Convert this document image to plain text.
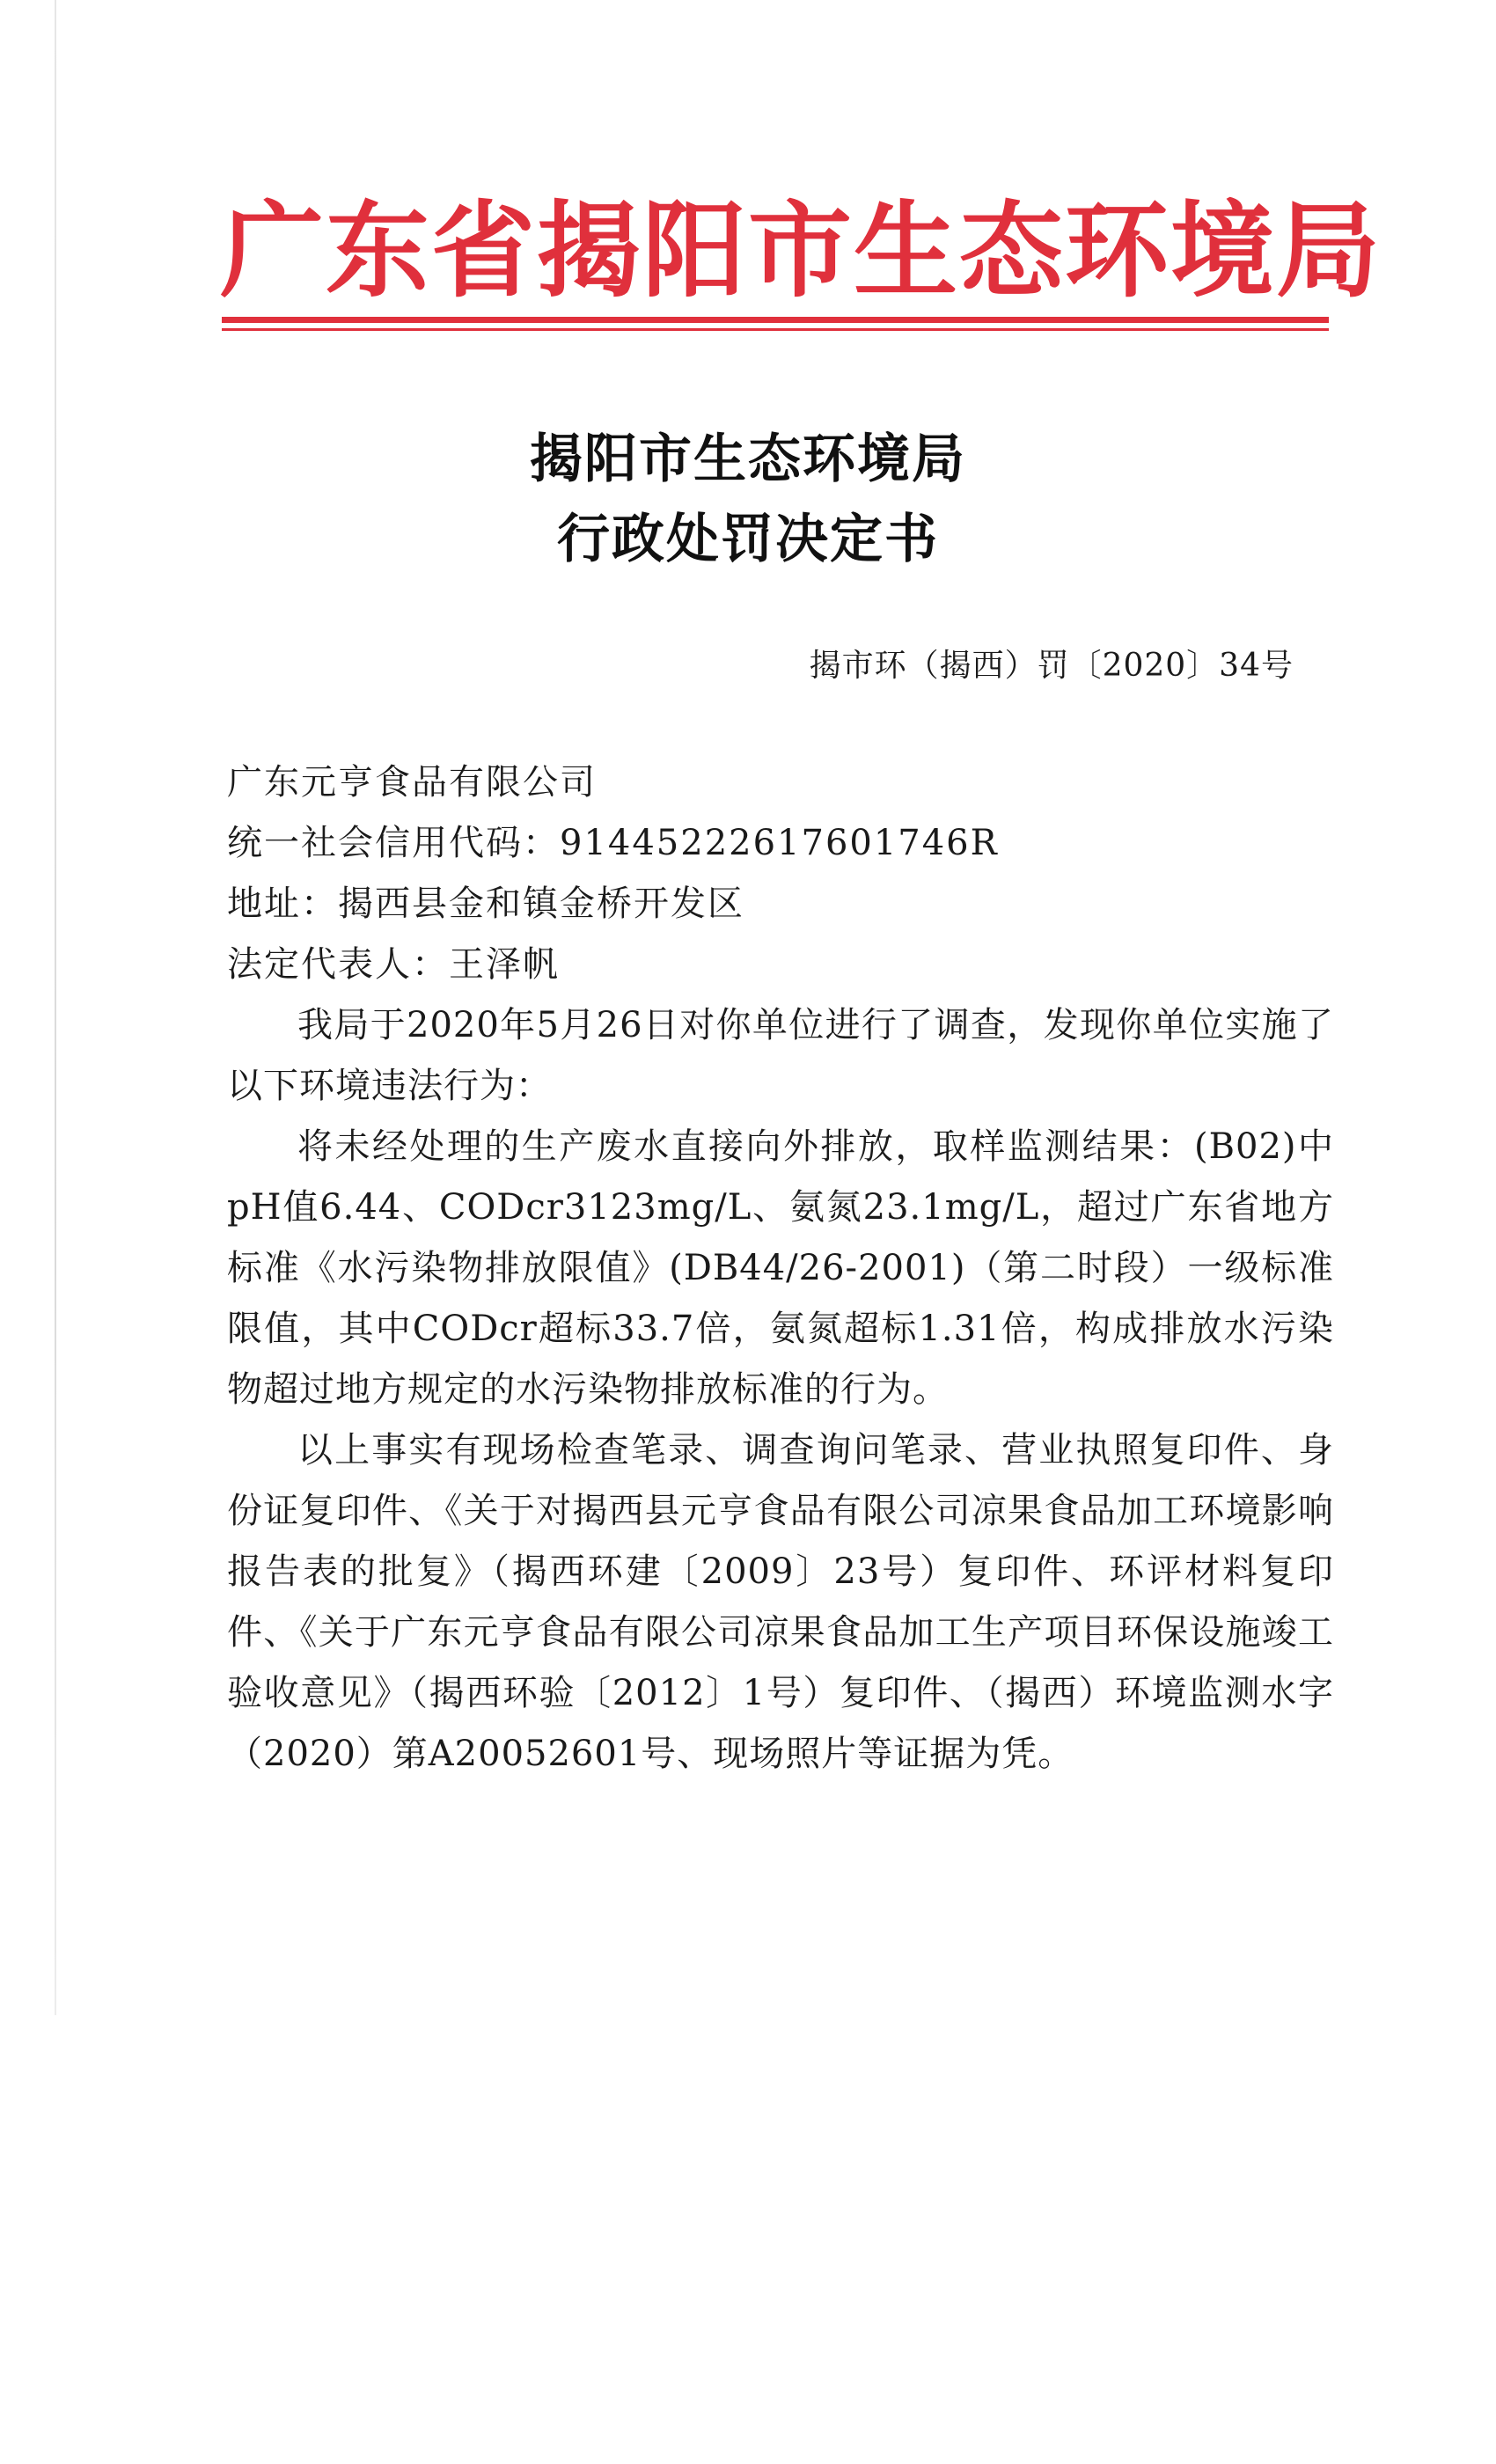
广东省揭阳市生态环境局
揭阳市生态环境局
行政处罚决定书
揭市环（揭西）罚〔2020〕34号
广东元亨食品有限公司
统一社会信用代码：91445222617601746R
地址：揭西县金和镇金桥开发区
法定代表人：王泽帆

我局于2020年5月26日对你单位进行了调查，发现你单位实施了以下环境违法行为：

将未经处理的生产废水直接向外排放，取样监测结果：(B02)中pH值6.44、CODcr3123mg/L、氨氮23.1mg/L，超过广东省地方标准《水污染物排放限值》(DB44/26-2001)（第二时段）一级标准限值，其中CODcr超标33.7倍，氨氮超标1.31倍，构成排放水污染物超过地方规定的水污染物排放标准的行为。

以上事实有现场检查笔录、调查询问笔录、营业执照复印件、身份证复印件、《关于对揭西县元亨食品有限公司凉果食品加工环境影响报告表的批复》（揭西环建〔2009〕23号）复印件、环评材料复印件、《关于广东元亨食品有限公司凉果食品加工生产项目环保设施竣工验收意见》（揭西环验〔2012〕1号）复印件、（揭西）环境监测水字（2020）第A20052601号、现场照片等证据为凭。
